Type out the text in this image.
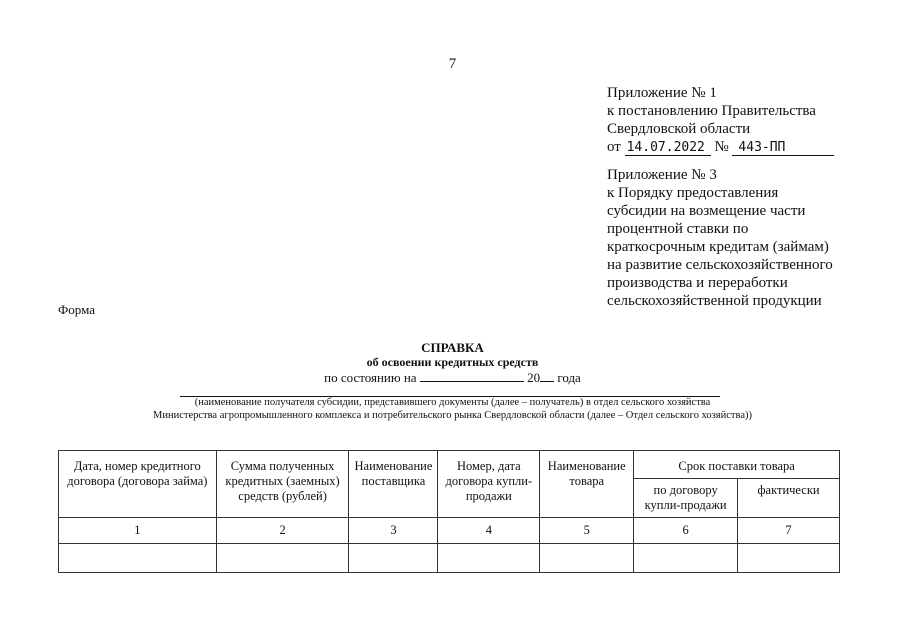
7
Приложение № 1
к постановлению Правительства
Свердловской области
от 14.07.2022 № 443-ПП
Приложение № 3
к Порядку предоставления
субсидии на возмещение части
процентной ставки по
краткосрочным кредитам (займам)
на развитие сельскохозяйственного
производства и переработки
сельскохозяйственной продукции
Форма
СПРАВКА
об освоении кредитных средств
по состоянию на	20 года
(наименование получателя субсидии, представившего документы (далее – получатель) в отдел сельского хозяйства
Министерства агропромышленного комплекса и потребительского рынка Свердловской области (далее – Отдел сельского хозяйства))
Дата, номер кредитного договора (договора займа)	Сумма полученных кредитных (заемных) средств (рублей)	Наименование поставщика	Номер, дата договора купли-продажи	Наименование товара	Срок поставки товара	
					по договору купли-продажи	фактически
1	2	3	4	5	6	7
